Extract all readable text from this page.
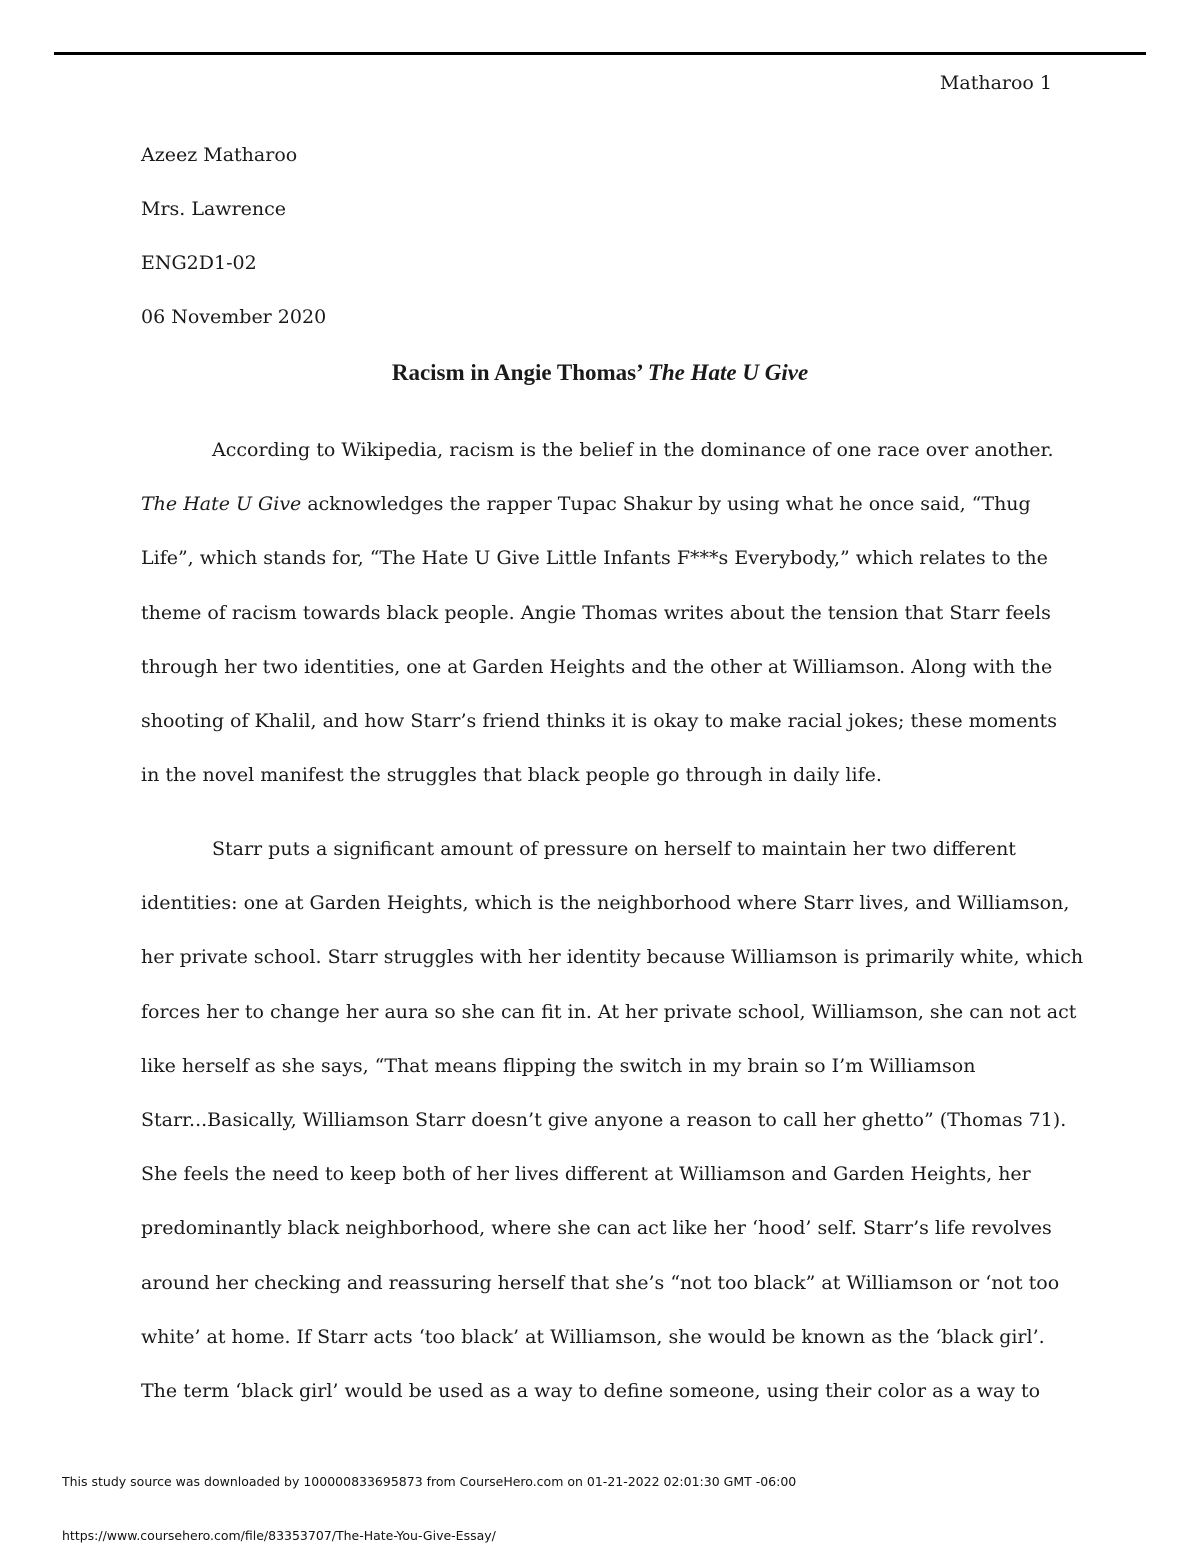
Matharoo 1
Azeez Matharoo
Mrs. Lawrence
ENG2D1-02
06 November 2020
Racism in Angie Thomas’ The Hate U Give
According to Wikipedia, racism is the belief in the dominance of one race over another.
The Hate U Give acknowledges the rapper Tupac Shakur by using what he once said, “Thug
Life”, which stands for, “The Hate U Give Little Infants F***s Everybody,” which relates to the
theme of racism towards black people. Angie Thomas writes about the tension that Starr feels
through her two identities, one at Garden Heights and the other at Williamson. Along with the
shooting of Khalil, and how Starr’s friend thinks it is okay to make racial jokes; these moments
in the novel manifest the struggles that black people go through in daily life.
Starr puts a significant amount of pressure on herself to maintain her two different
identities: one at Garden Heights, which is the neighborhood where Starr lives, and Williamson,
her private school. Starr struggles with her identity because Williamson is primarily white, which
forces her to change her aura so she can fit in. At her private school, Williamson, she can not act
like herself as she says, “That means flipping the switch in my brain so I’m Williamson
Starr...Basically, Williamson Starr doesn’t give anyone a reason to call her ghetto” (Thomas 71).
She feels the need to keep both of her lives different at Williamson and Garden Heights, her
predominantly black neighborhood, where she can act like her ‘hood’ self. Starr’s life revolves
around her checking and reassuring herself that she’s “not too black” at Williamson or ‘not too
white’ at home. If Starr acts ‘too black’ at Williamson, she would be known as the ‘black girl’.
The term ‘black girl’ would be used as a way to define someone, using their color as a way to
This study source was downloaded by 100000833695873 from CourseHero.com on 01-21-2022 02:01:30 GMT -06:00
https://www.coursehero.com/file/83353707/The-Hate-You-Give-Essay/
